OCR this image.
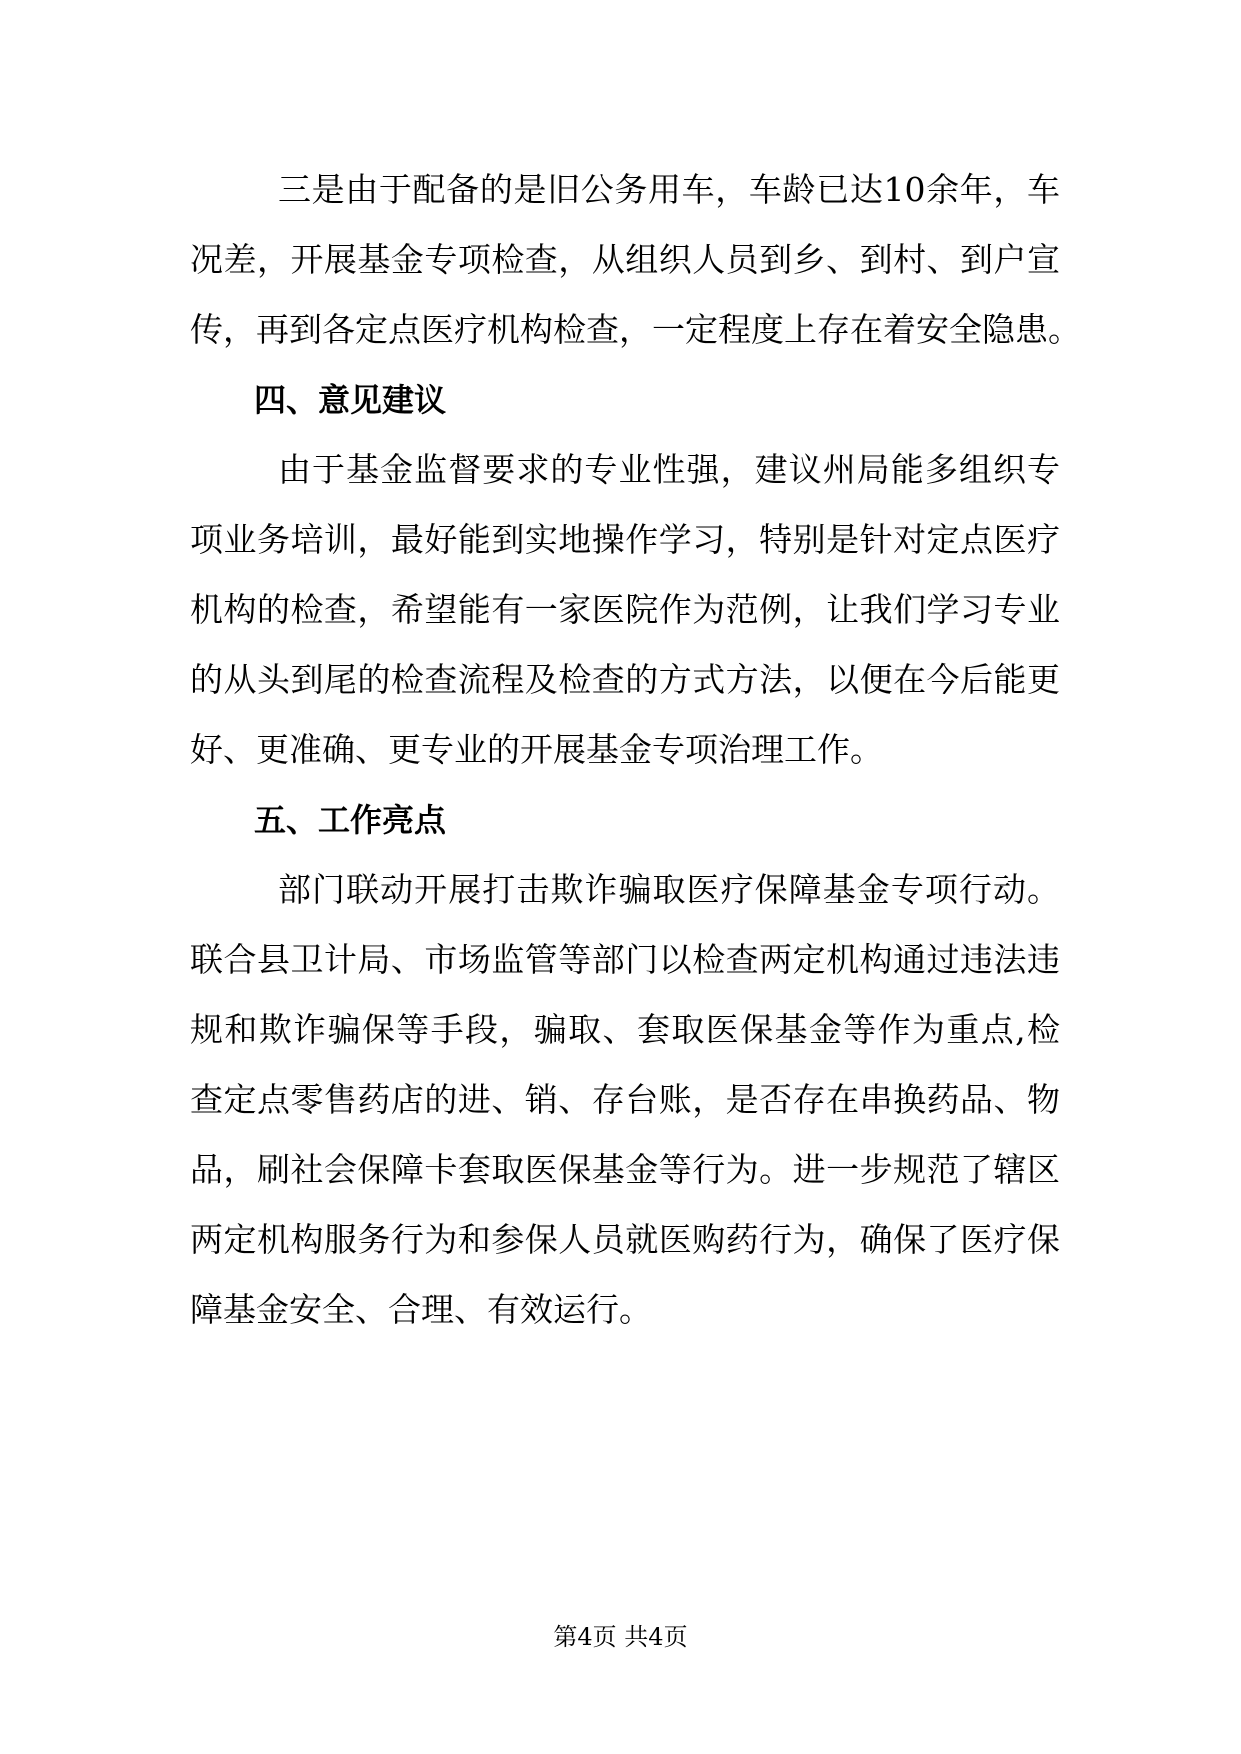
三是由于配备的是旧公务用车，车龄已达10余年，车
况差，开展基金专项检查，从组织人员到乡、到村、到户宣
传，再到各定点医疗机构检查，一定程度上存在着安全隐患。
四、意见建议
由于基金监督要求的专业性强，建议州局能多组织专
项业务培训，最好能到实地操作学习，特别是针对定点医疗
机构的检查，希望能有一家医院作为范例，让我们学习专业
的从头到尾的检查流程及检查的方式方法，以便在今后能更
好、更准确、更专业的开展基金专项治理工作。
五、工作亮点
部门联动开展打击欺诈骗取医疗保障基金专项行动。
联合县卫计局、市场监管等部门以检查两定机构通过违法违
规和欺诈骗保等手段，骗取、套取医保基金等作为重点,检
查定点零售药店的进、销、存台账，是否存在串换药品、物
品，刷社会保障卡套取医保基金等行为。进一步规范了辖区
两定机构服务行为和参保人员就医购药行为，确保了医疗保
障基金安全、合理、有效运行。
第4页 共4页
